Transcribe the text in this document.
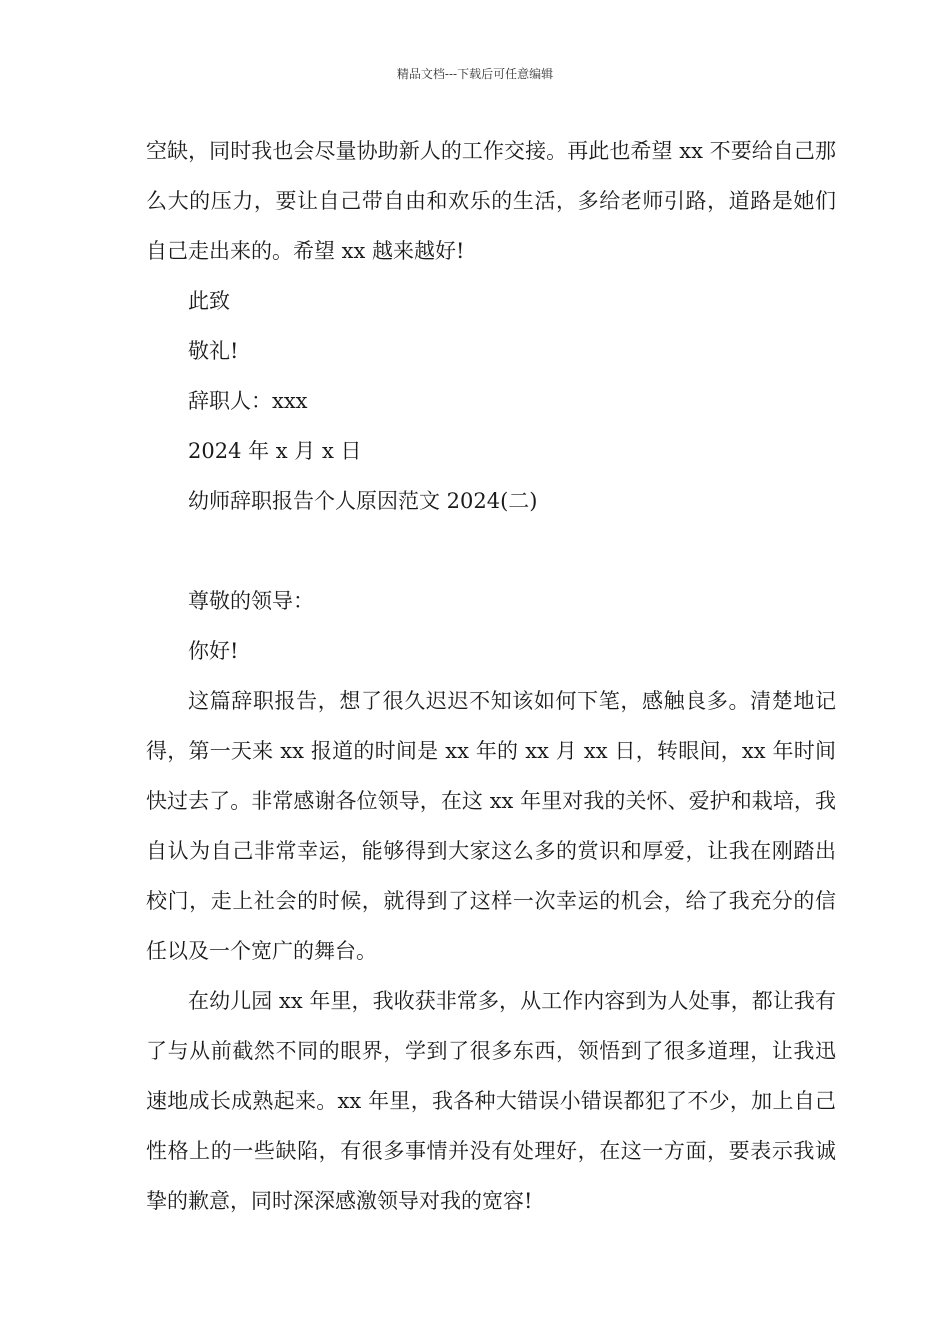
精品文档---下载后可任意编辑

空缺，同时我也会尽量协助新人的工作交接。再此也希望 xx 不要给自己那么大的压力，要让自己带自由和欢乐的生活，多给老师引路，道路是她们自己走出来的。希望 xx 越来越好!

此致

敬礼!

辞职人：xxx

2024 年 x 月 x 日

幼师辞职报告个人原因范文 2024(二)

尊敬的领导：

你好!

这篇辞职报告，想了很久迟迟不知该如何下笔，感触良多。清楚地记得，第一天来 xx 报道的时间是 xx 年的 xx 月 xx 日，转眼间，xx 年时间快过去了。非常感谢各位领导，在这 xx 年里对我的关怀、爱护和栽培，我自认为自己非常幸运，能够得到大家这么多的赏识和厚爱，让我在刚踏出校门，走上社会的时候，就得到了这样一次幸运的机会，给了我充分的信任以及一个宽广的舞台。

在幼儿园 xx 年里，我收获非常多，从工作内容到为人处事，都让我有了与从前截然不同的眼界，学到了很多东西，领悟到了很多道理，让我迅速地成长成熟起来。xx 年里，我各种大错误小错误都犯了不少，加上自己性格上的一些缺陷，有很多事情并没有处理好，在这一方面，要表示我诚挚的歉意，同时深深感激领导对我的宽容!
